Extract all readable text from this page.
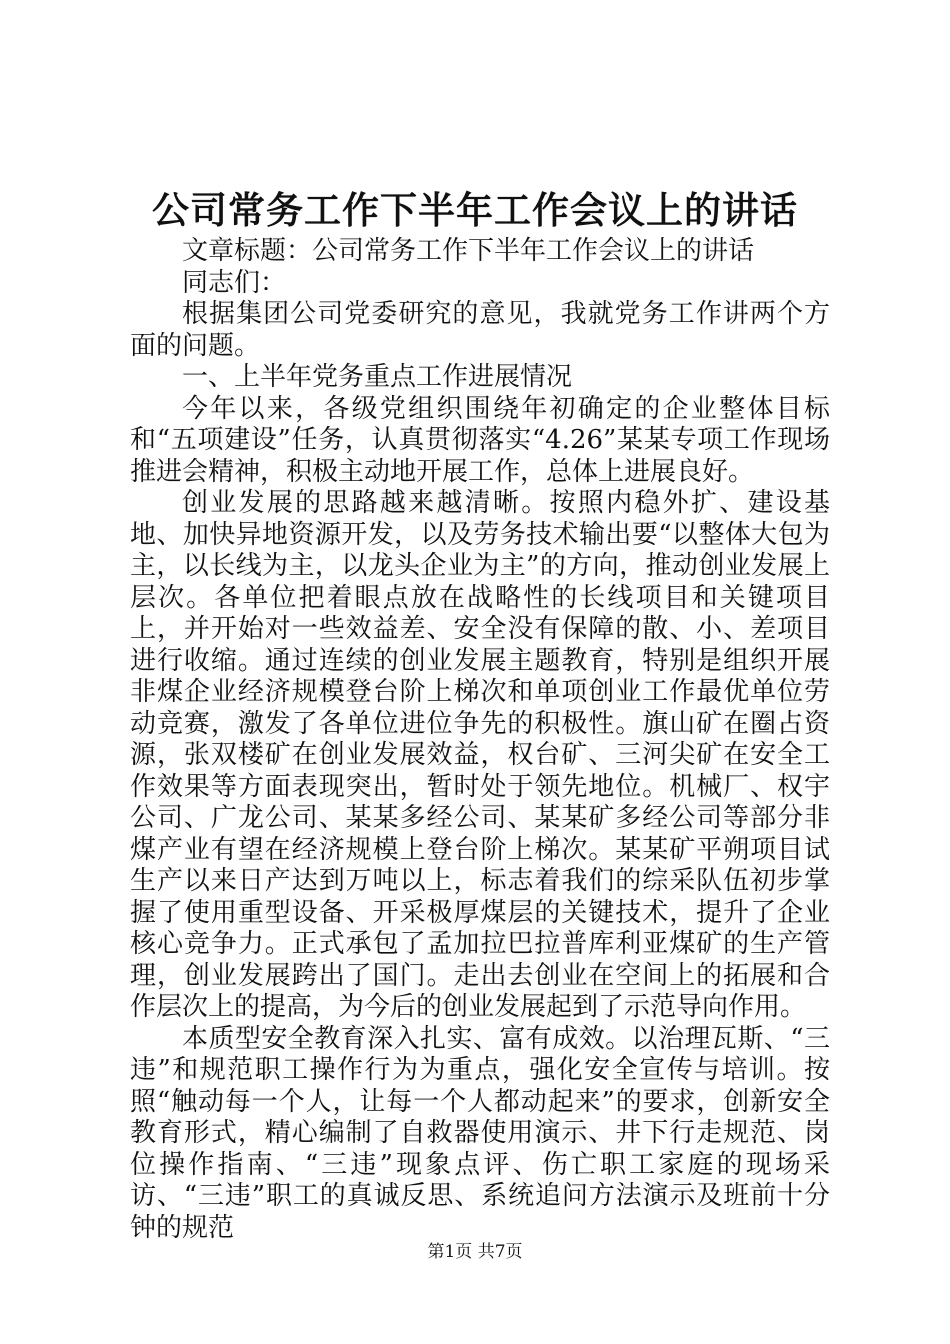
公司常务工作下半年工作会议上的讲话

文章标题：公司常务工作下半年工作会议上的讲话

同志们：

根据集团公司党委研究的意见，我就党务工作讲两个方面的问题。

一、上半年党务重点工作进展情况

今年以来，各级党组织围绕年初确定的企业整体目标和“五项建设”任务，认真贯彻落实“4.26”某某专项工作现场推进会精神，积极主动地开展工作，总体上进展良好。

创业发展的思路越来越清晰。按照内稳外扩、建设基地、加快异地资源开发，以及劳务技术输出要“以整体大包为主，以长线为主，以龙头企业为主”的方向，推动创业发展上层次。各单位把着眼点放在战略性的长线项目和关键项目上，并开始对一些效益差、安全没有保障的散、小、差项目进行收缩。通过连续的创业发展主题教育，特别是组织开展非煤企业经济规模登台阶上梯次和单项创业工作最优单位劳动竞赛，激发了各单位进位争先的积极性。旗山矿在圈占资源，张双楼矿在创业发展效益，权台矿、三河尖矿在安全工作效果等方面表现突出，暂时处于领先地位。机械厂、权宇公司、广龙公司、某某多经公司、某某矿多经公司等部分非煤产业有望在经济规模上登台阶上梯次。某某矿平朔项目试生产以来日产达到万吨以上，标志着我们的综采队伍初步掌握了使用重型设备、开采极厚煤层的关键技术，提升了企业核心竞争力。正式承包了孟加拉巴拉普库利亚煤矿的生产管理，创业发展跨出了国门。走出去创业在空间上的拓展和合作层次上的提高，为今后的创业发展起到了示范导向作用。

本质型安全教育深入扎实、富有成效。以治理瓦斯、“三违”和规范职工操作行为为重点，强化安全宣传与培训。按照“触动每一个人，让每一个人都动起来”的要求，创新安全教育形式，精心编制了自救器使用演示、井下行走规范、岗位操作指南、“三违”现象点评、伤亡职工家庭的现场采访、“三违”职工的真诚反思、系统追问方法演示及班前十分钟的规范

第1页 共7页
